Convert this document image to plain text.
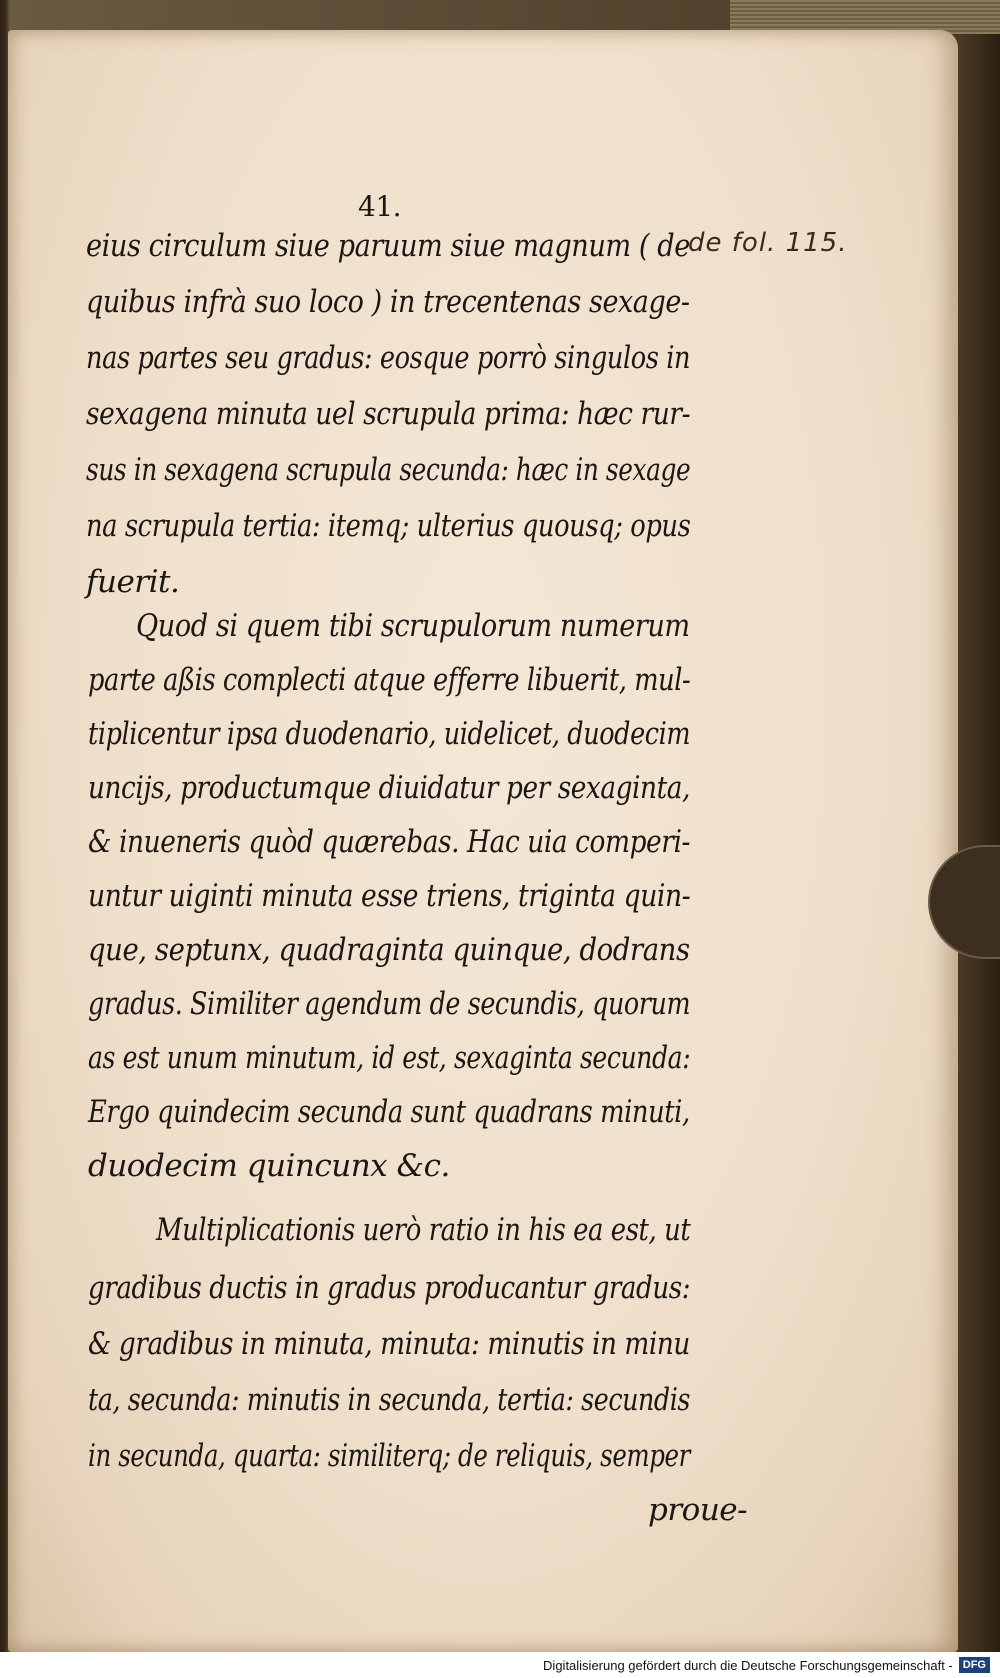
41.
de fol. 115.
eius circulum siue paruum siue magnum ( de
quibus infrà suo loco ) in trecentenas sexage-
nas partes seu gradus: eosque porrò singulos in
sexagena minuta uel scrupula prima: hæc rur-
sus in sexagena scrupula secunda: hæc in sexage
na scrupula tertia: itemq; ulterius quousq; opus
fuerit.
Quod si quem tibi scrupulorum numerum
parte aßis complecti atque efferre libuerit, mul-
tiplicentur ipsa duodenario, uidelicet, duodecim
uncijs, productumque diuidatur per sexaginta,
& inueneris quòd quærebas. Hac uia comperi-
untur uiginti minuta esse triens, triginta quin-
que, septunx, quadraginta quinque, dodrans
gradus. Similiter agendum de secundis, quorum
as est unum minutum, id est, sexaginta secunda:
Ergo quindecim secunda sunt quadrans minuti,
duodecim quincunx &c.
Multiplicationis uerò ratio in his ea est, ut
gradibus ductis in gradus producantur gradus:
& gradibus in minuta, minuta: minutis in minu
ta, secunda: minutis in secunda, tertia: secundis
in secunda, quarta: similiterq; de reliquis, semper
proue-
Digitalisierung gefördert durch die Deutsche Forschungsgemeinschaft - DFG
